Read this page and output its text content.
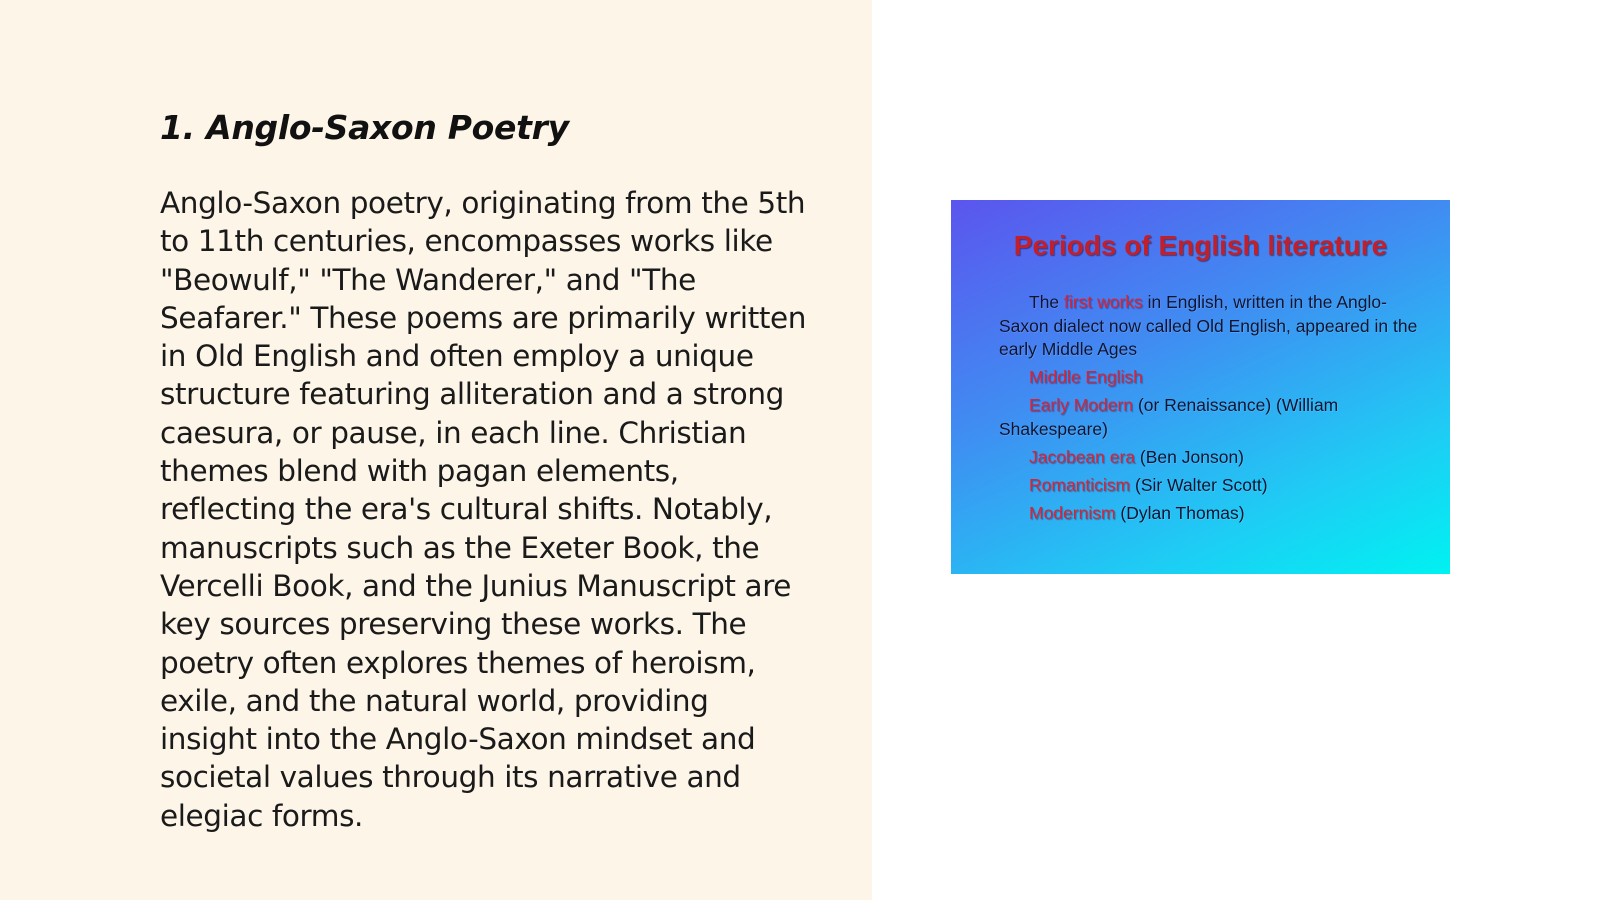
1. Anglo-Saxon Poetry

Anglo-Saxon poetry, originating from the 5th
to 11th centuries, encompasses works like
"Beowulf," "The Wanderer," and "The
Seafarer." These poems are primarily written
in Old English and often employ a unique
structure featuring alliteration and a strong
caesura, or pause, in each line. Christian
themes blend with pagan elements,
reflecting the era's cultural shifts. Notably,
manuscripts such as the Exeter Book, the
Vercelli Book, and the Junius Manuscript are
key sources preserving these works. The
poetry often explores themes of heroism,
exile, and the natural world, providing
insight into the Anglo-Saxon mindset and
societal values through its narrative and
elegiac forms.

Periods of English literature
The first works in English, written in the Anglo-Saxon dialect now called Old English, appeared in the early Middle Ages
Middle English
Early Modern (or Renaissance) (William Shakespeare)
Jacobean era (Ben Jonson)
Romanticism (Sir Walter Scott)
Modernism (Dylan Thomas)
